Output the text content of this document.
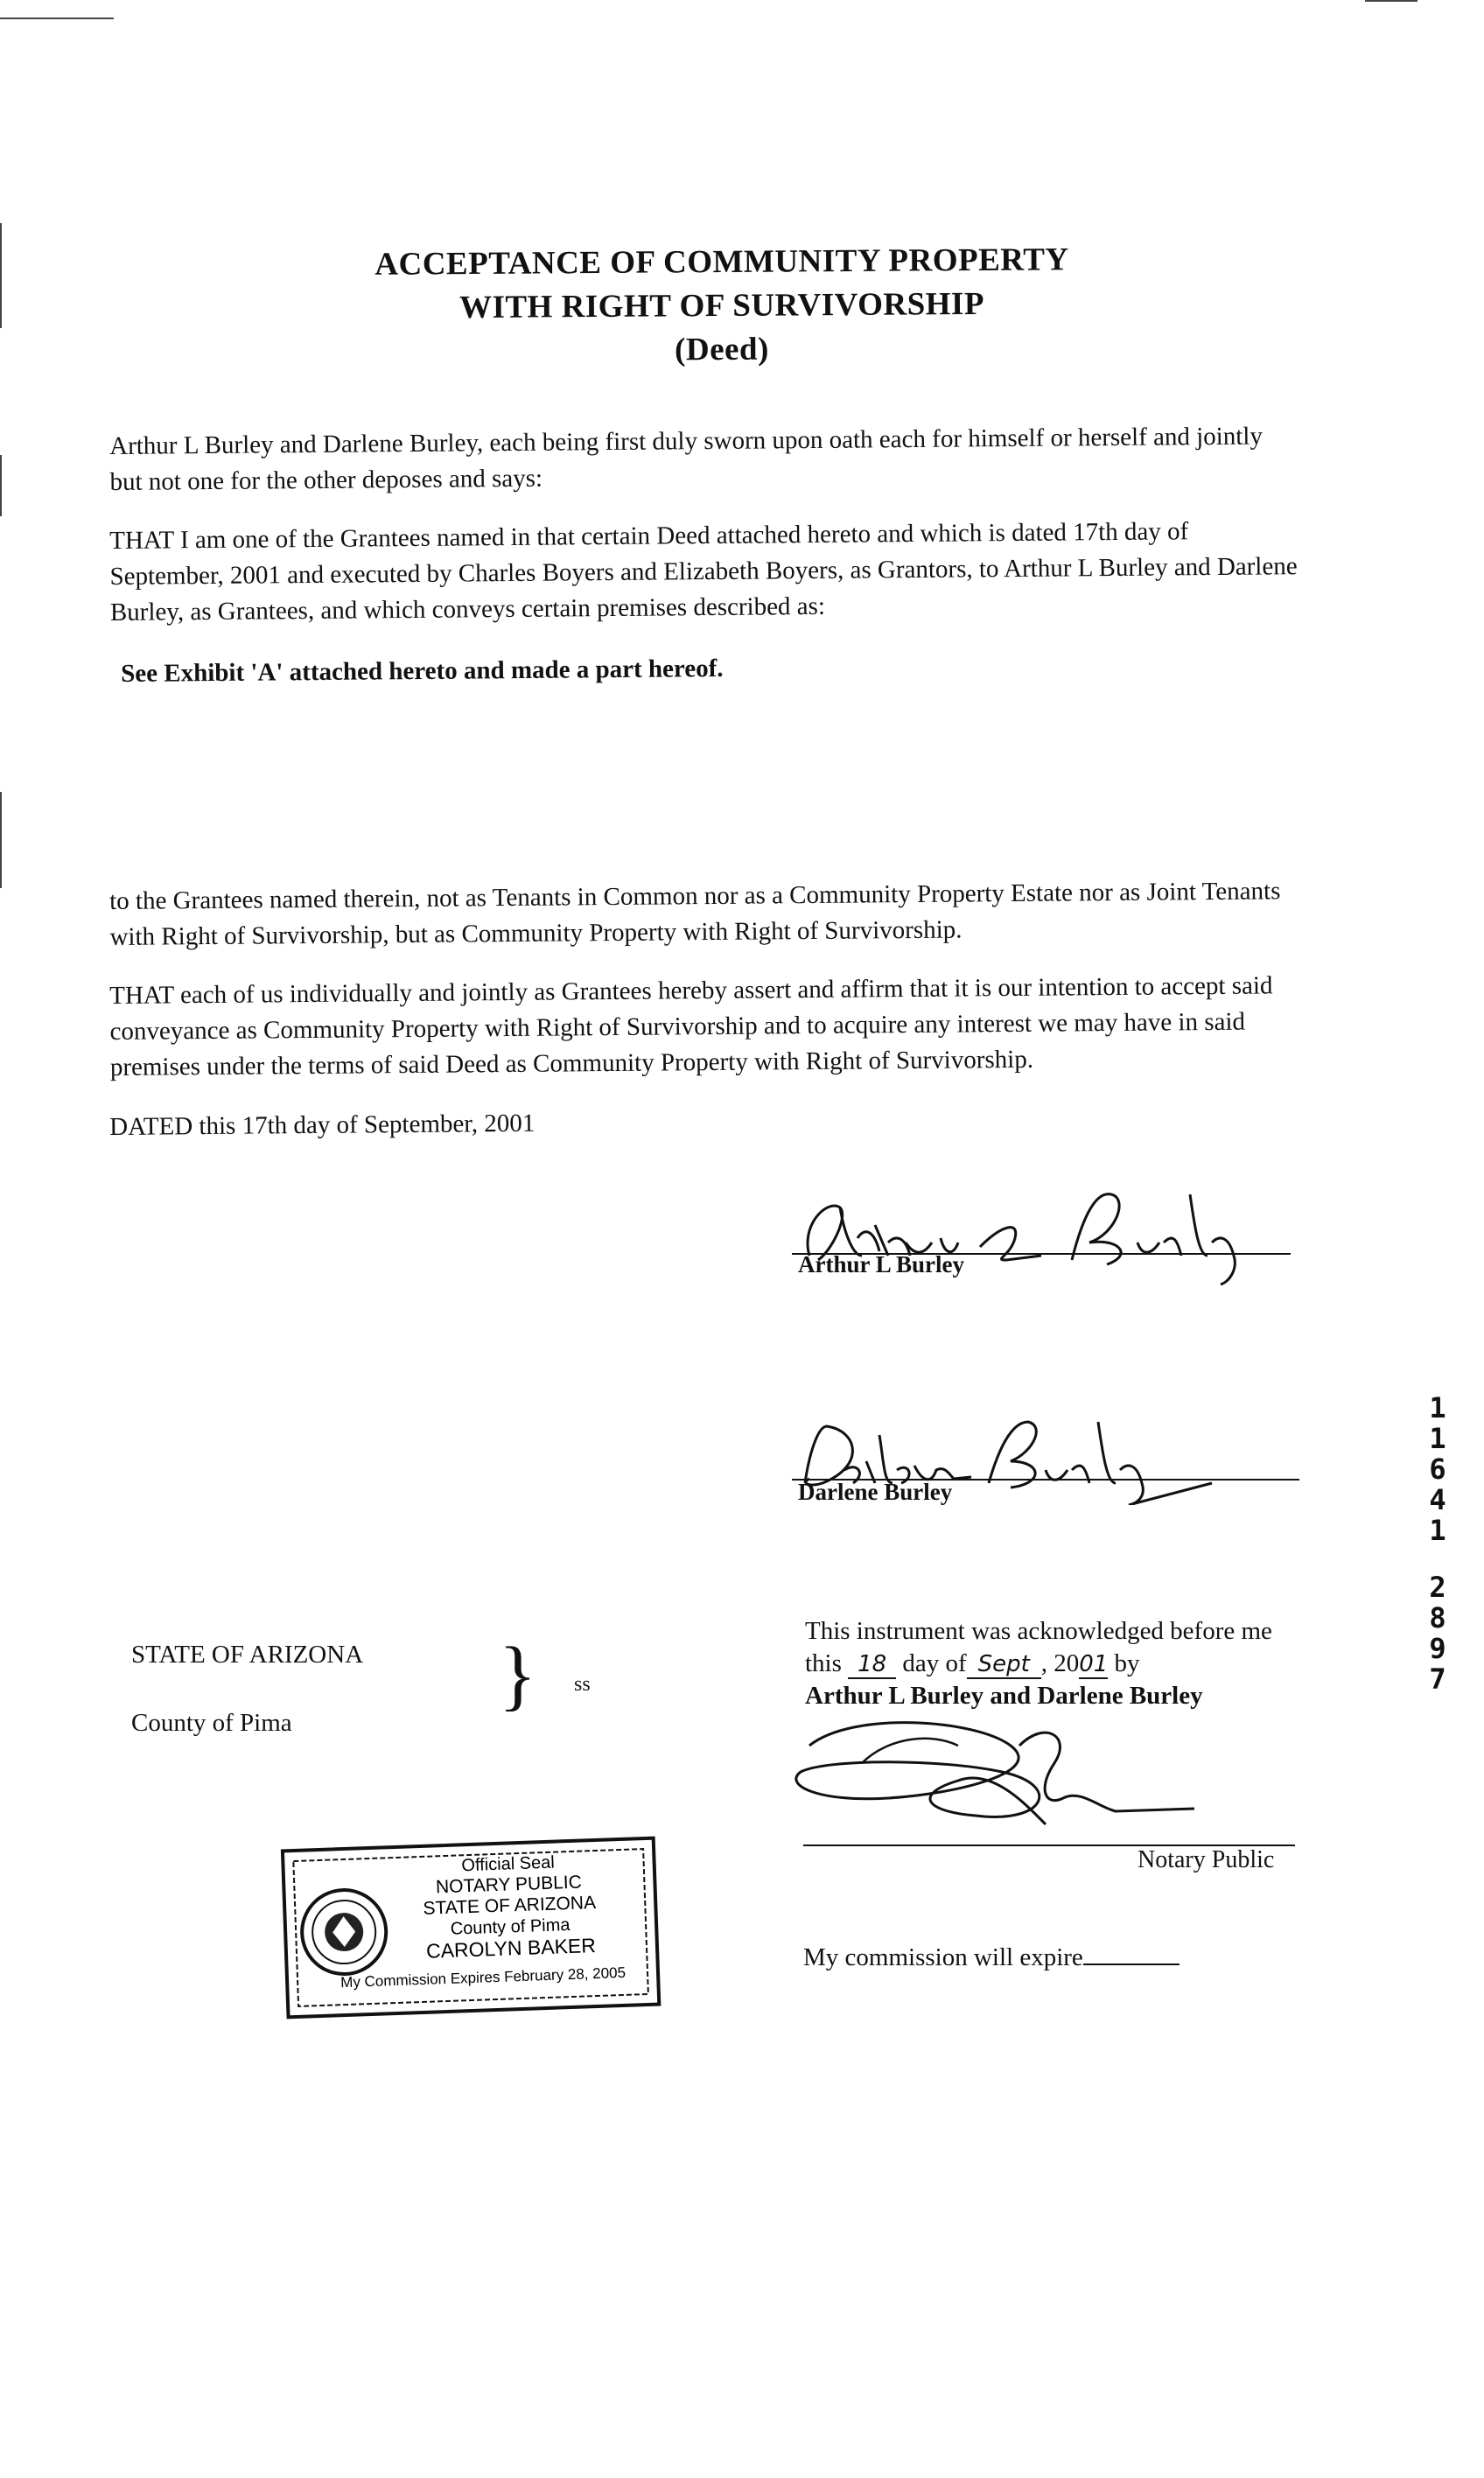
ACCEPTANCE OF COMMUNITY PROPERTY
WITH RIGHT OF SURVIVORSHIP
(Deed)
Arthur L Burley and Darlene Burley, each being first duly sworn upon oath each for himself or herself and jointly but not one for the other deposes and says:
THAT I am one of the Grantees named in that certain Deed attached hereto and which is dated 17th day of September, 2001 and executed by Charles Boyers and Elizabeth Boyers, as Grantors, to Arthur L Burley and Darlene Burley, as Grantees, and which conveys certain premises described as:
See Exhibit 'A' attached hereto and made a part hereof.
to the Grantees named therein, not as Tenants in Common nor as a Community Property Estate nor as Joint Tenants with Right of Survivorship, but as Community Property with Right of Survivorship.
THAT each of us individually and jointly as Grantees hereby assert and affirm that it is our intention to accept said conveyance as Community Property with Right of Survivorship and to acquire any interest we may have in said premises under the terms of said Deed as Community Property with Right of Survivorship.
DATED this 17th day of September, 2001
Arthur L Burley
Darlene Burley
1
1
6
4
1
2
8
9
7
STATE OF ARIZONA
County of Pima
} ss
This instrument was acknowledged before me
this 18 day of Sept , 2001 by
Arthur L Burley and Darlene Burley
Notary Public
My commission will expire
Official Seal
NOTARY PUBLIC
STATE OF ARIZONA
County of Pima
CAROLYN BAKER
My Commission Expires February 28, 2005
